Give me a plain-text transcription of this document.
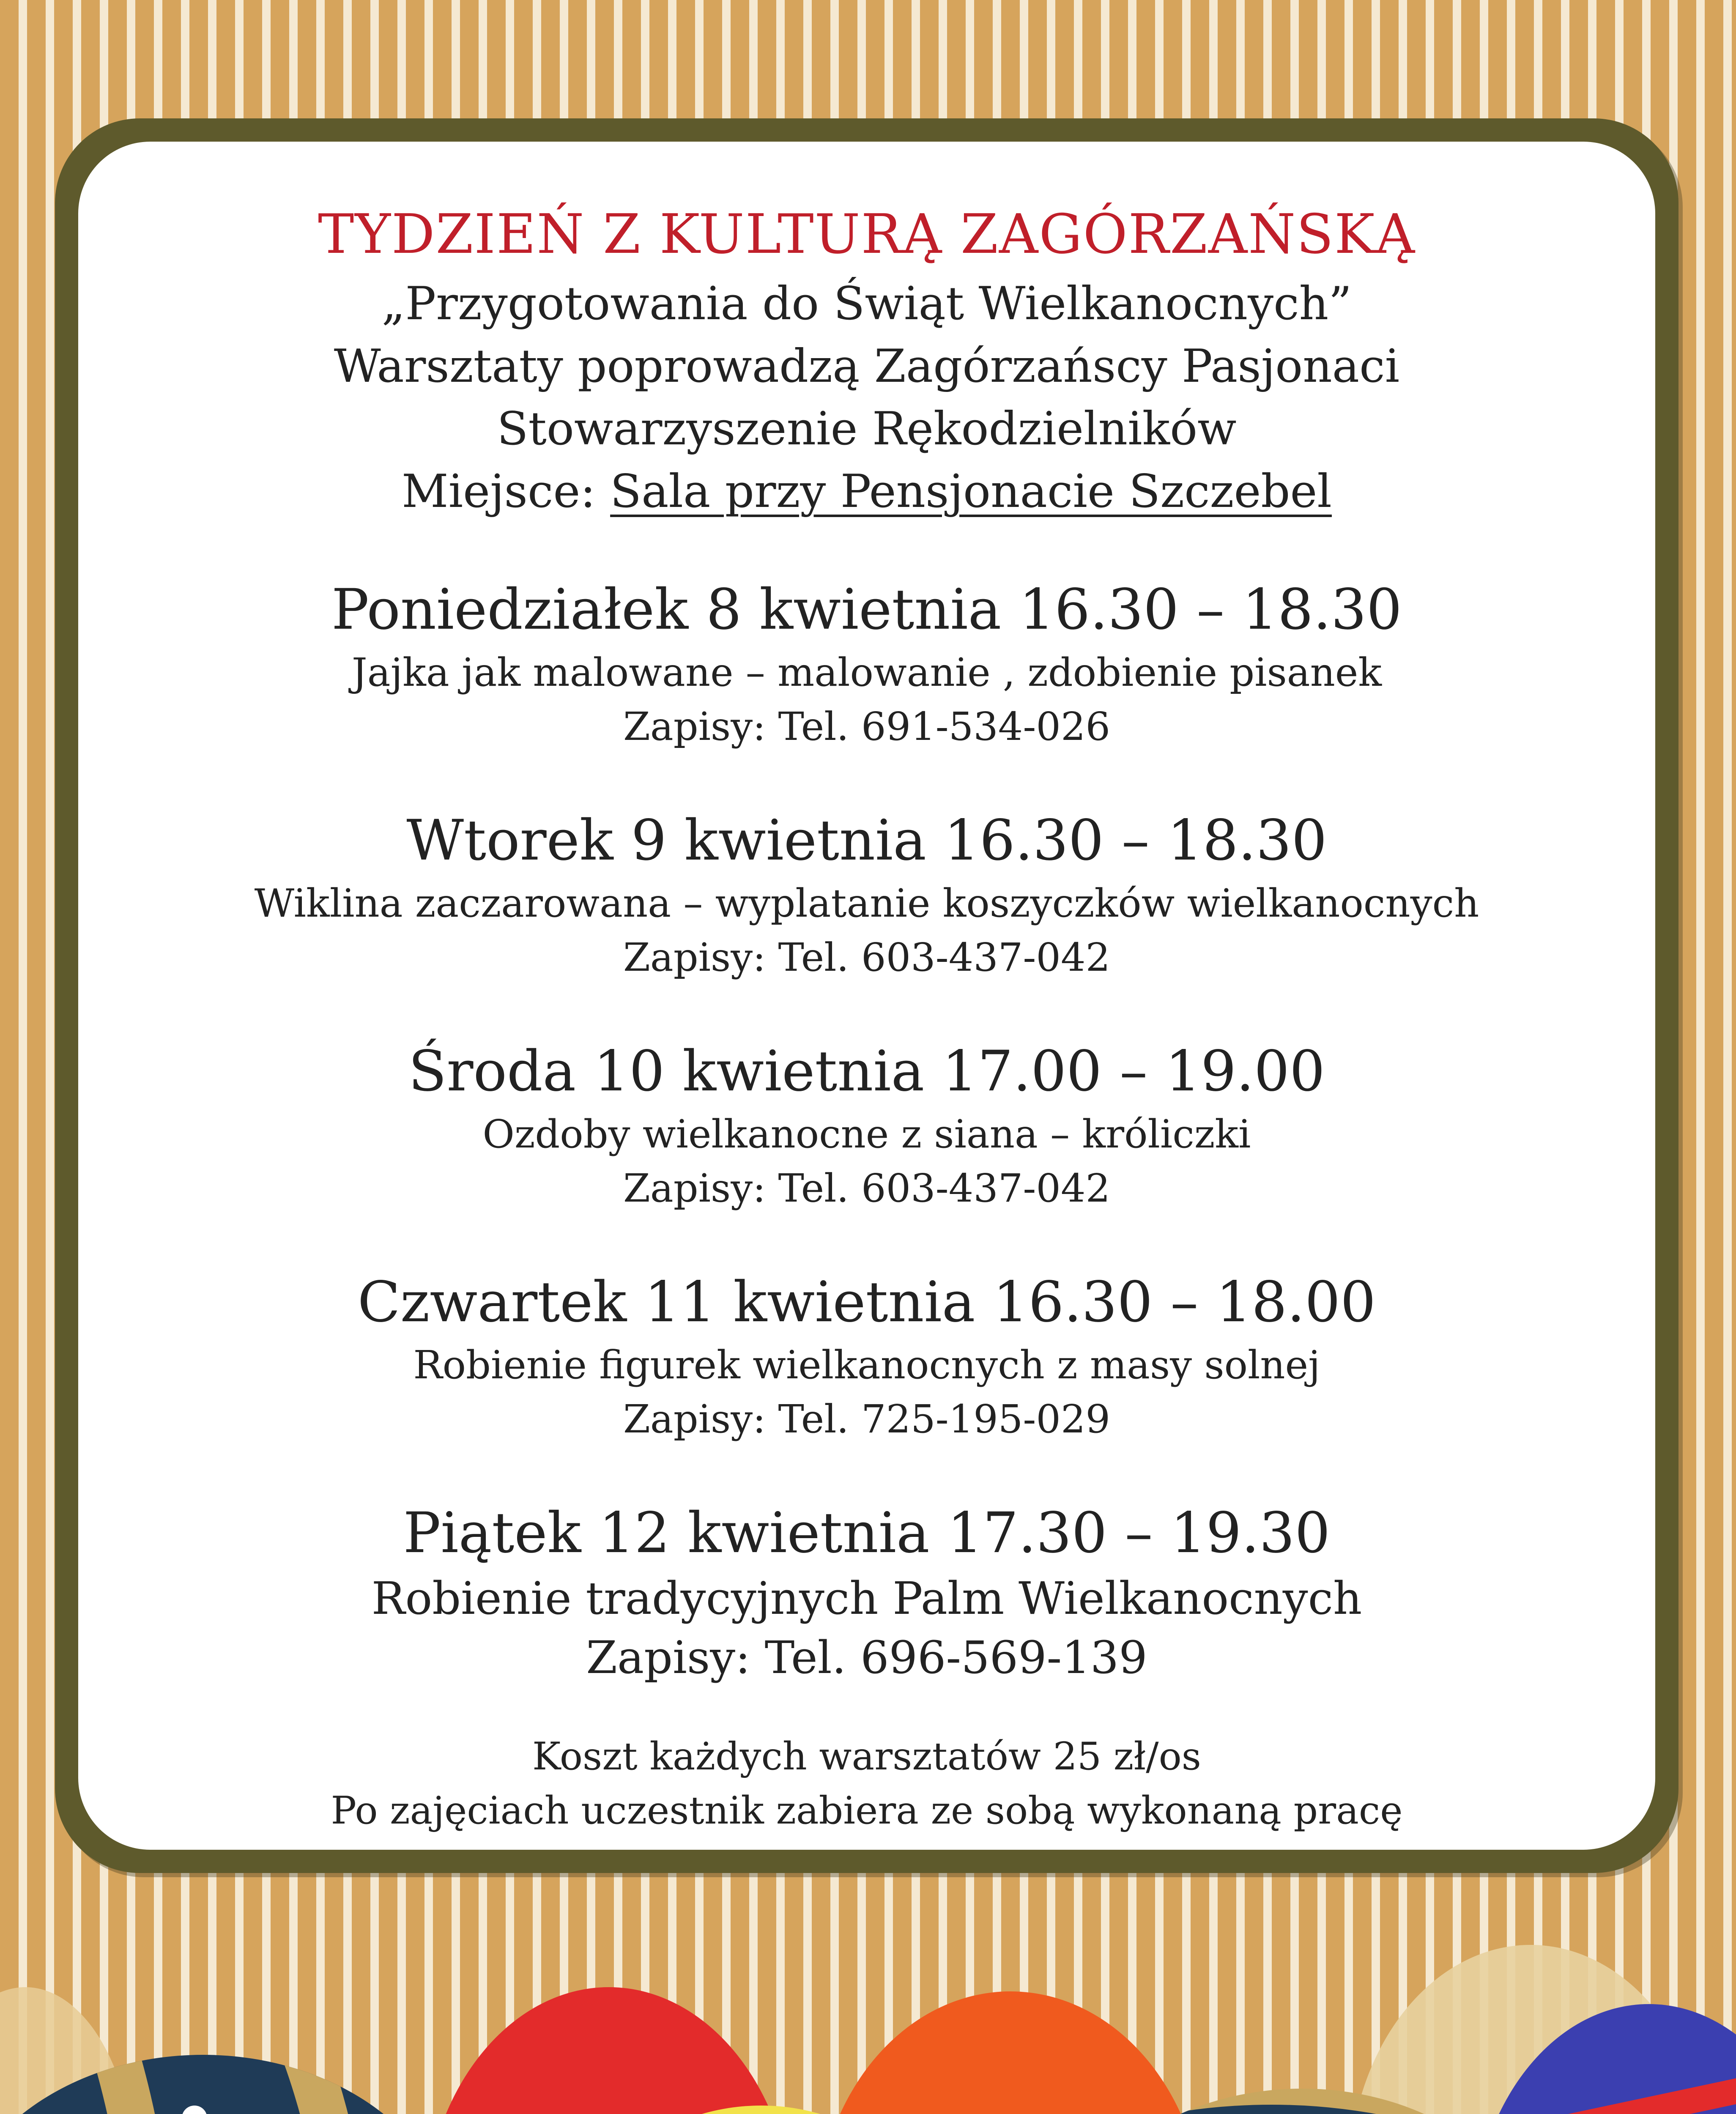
TYDZIEŃ Z KULTURĄ ZAGÓRZAŃSKĄ

„Przygotowania do Świąt Wielkanocnych”

Warsztaty poprowadzą Zagórzańscy Pasjonaci

Stowarzyszenie Rękodzielników

Miejsce: Sala przy Pensjonacie Szczebel

Poniedziałek 8 kwietnia 16.30 – 18.30

Jajka jak malowane – malowanie , zdobienie pisanek

Zapisy: Tel. 691-534-026

Wtorek 9 kwietnia 16.30 – 18.30

Wiklina zaczarowana – wyplatanie koszyczków wielkanocnych

Zapisy: Tel. 603-437-042

Środa 10 kwietnia 17.00 – 19.00

Ozdoby wielkanocne z siana – króliczki

Zapisy: Tel. 603-437-042

Czwartek 11 kwietnia 16.30 – 18.00

Robienie figurek wielkanocnych z masy solnej

Zapisy: Tel. 725-195-029

Piątek 12 kwietnia 17.30 – 19.30

Robienie tradycyjnych Palm Wielkanocnych

Zapisy: Tel. 696-569-139

Koszt każdych warsztatów 25 zł/os

Po zajęciach uczestnik zabiera ze sobą wykonaną pracę
